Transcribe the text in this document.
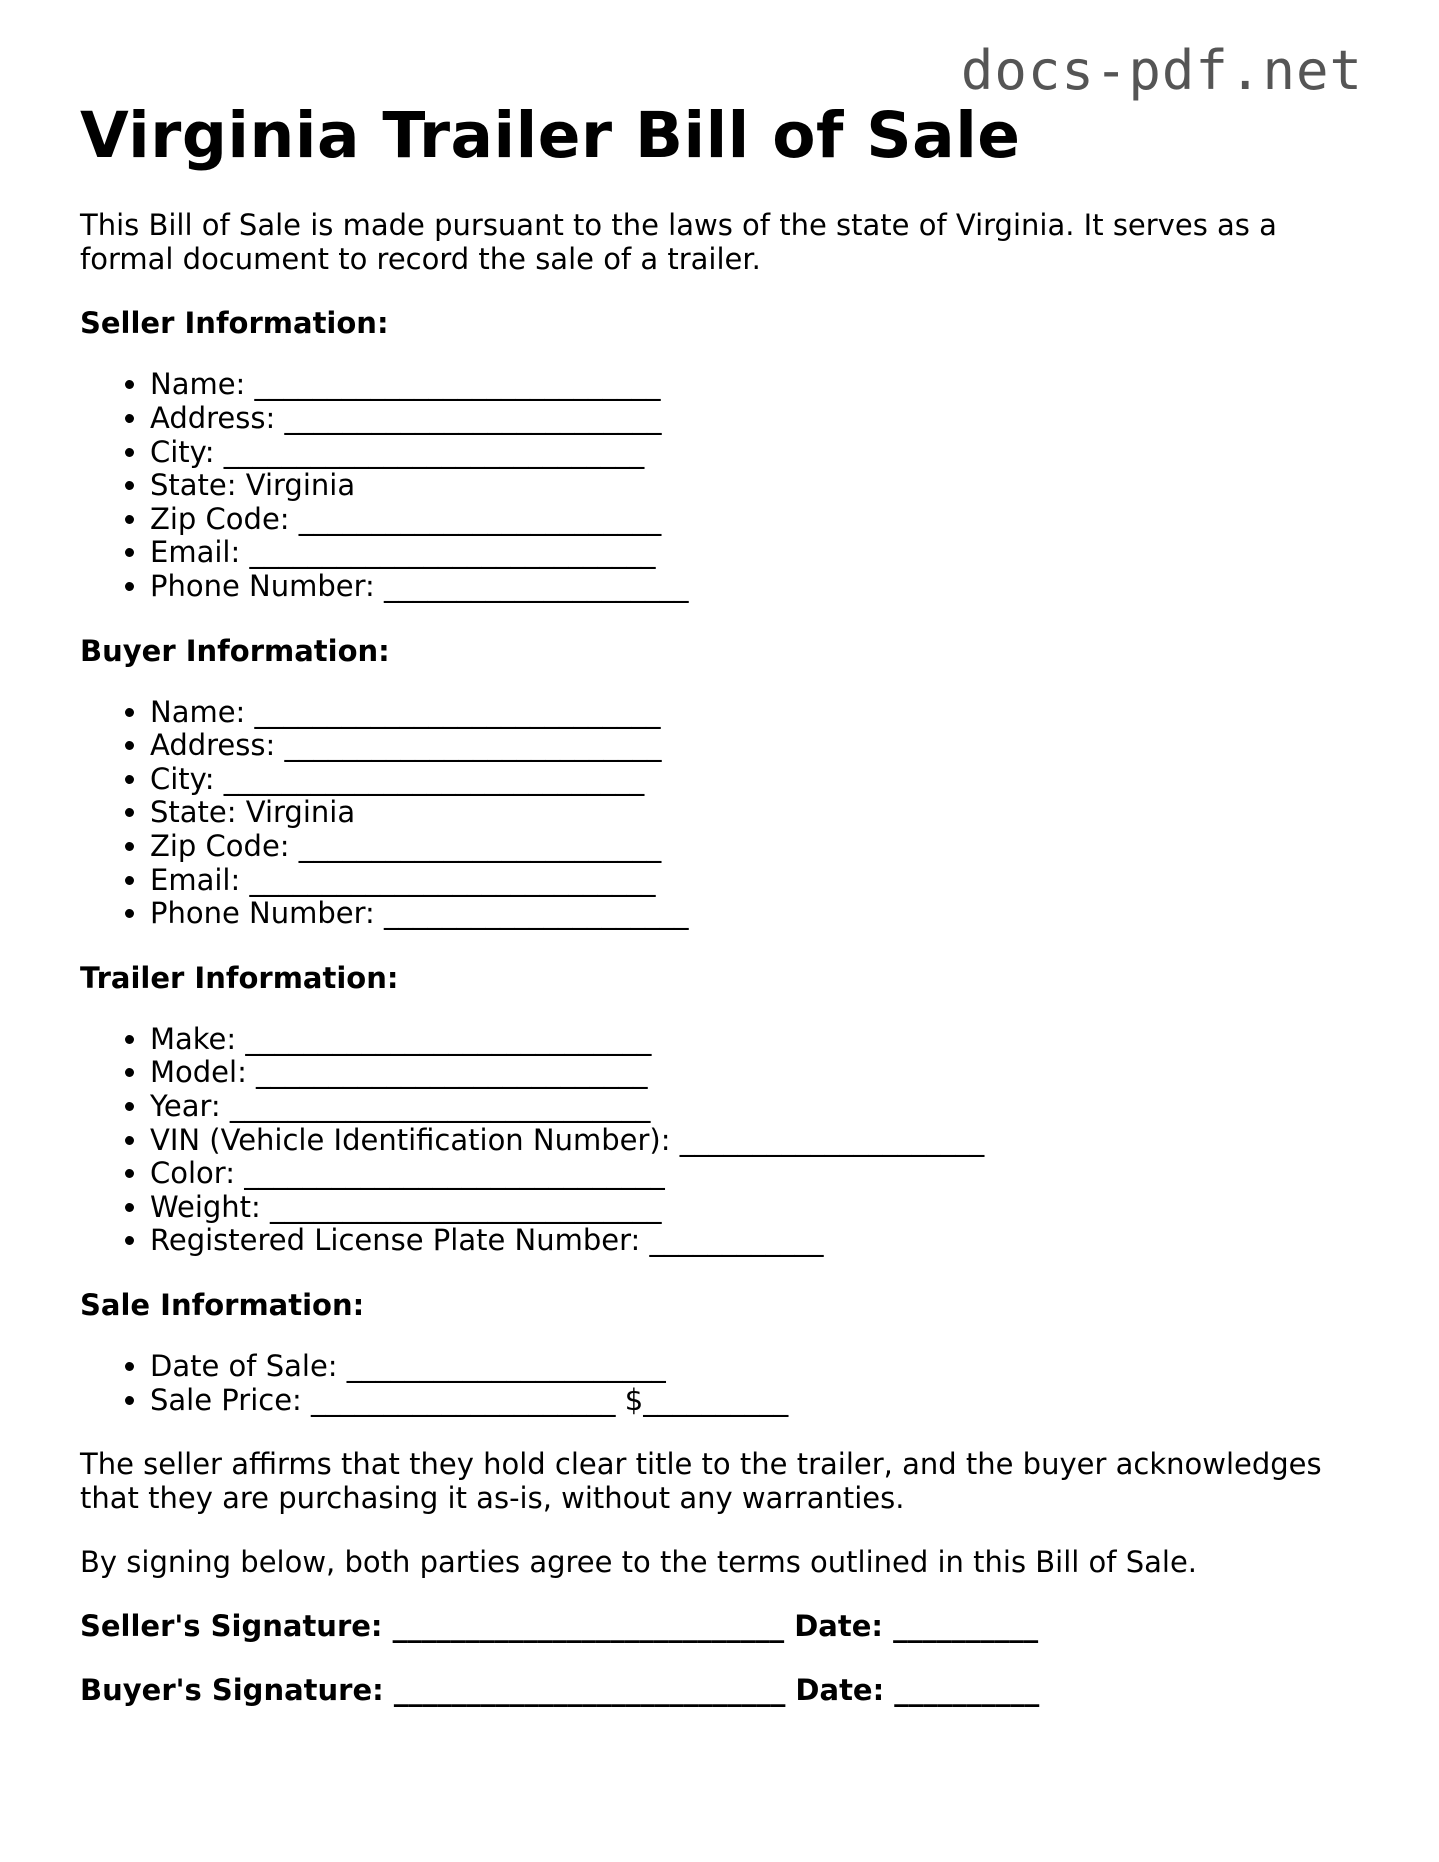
docs-pdf.net
Virginia Trailer Bill of Sale

This Bill of Sale is made pursuant to the laws of the state of Virginia. It serves as a formal document to record the sale of a trailer.

Seller Information:
• Name: ____________________________
• Address: __________________________
• City: _____________________________
• State: Virginia
• Zip Code: _________________________
• Email: ____________________________
• Phone Number: _____________________
Buyer Information:
• Name: ____________________________
• Address: __________________________
• City: _____________________________
• State: Virginia
• Zip Code: _________________________
• Email: ____________________________
• Phone Number: _____________________
Trailer Information:
• Make: ____________________________
• Model: ___________________________
• Year: _____________________________
• VIN (Vehicle Identification Number): _____________________
• Color: _____________________________
• Weight: ___________________________
• Registered License Plate Number: ____________
Sale Information:
• Date of Sale: ______________________
• Sale Price: _____________________ $__________

The seller affirms that they hold clear title to the trailer, and the buyer acknowledges that they are purchasing it as-is, without any warranties.

By signing below, both parties agree to the terms outlined in this Bill of Sale.

Seller's Signature: ___________________________ Date: __________
Buyer's Signature: ___________________________ Date: __________
